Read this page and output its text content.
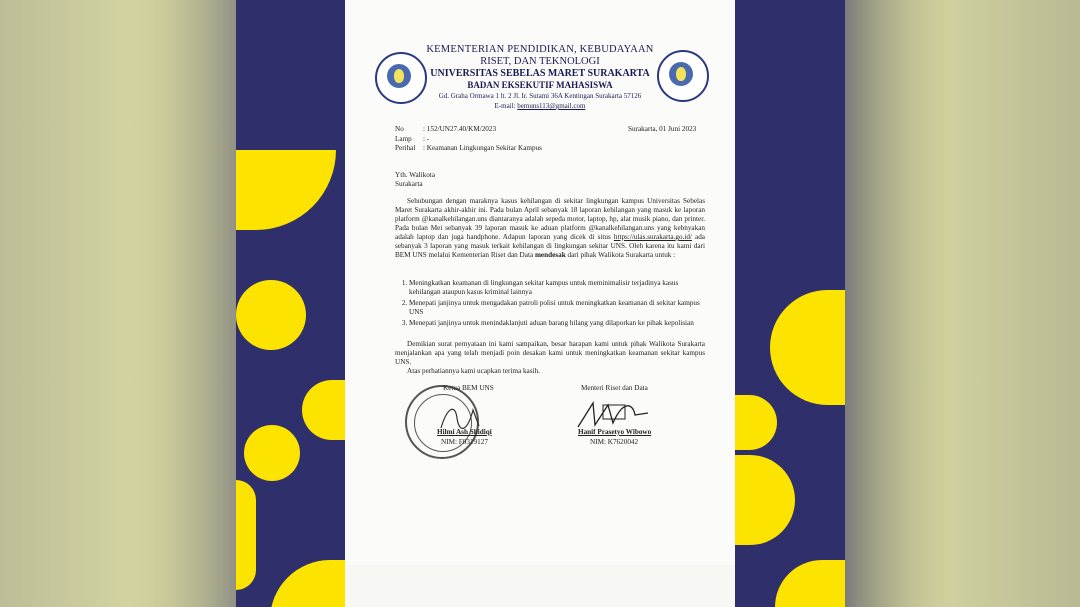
KEMENTERIAN PENDIDIKAN, KEBUDAYAAN
RISET, DAN TEKNOLOGI
UNIVERSITAS SEBELAS MARET SURAKARTA
BADAN EKSEKUTIF MAHASISWA
Gd. Graha Ormawa 1 lt. 2 Jl. Ir. Sutami 36A Kentingan Surakarta 57126
E-mail: bemuns113@gmail.com
No	: 152/UN27.40/KM/2023
Lamp : -
Perihal : Keamanan Lingkungan Sekitar Kampus
Surakarta, 01 Juni 2023
Yth. Walikota
Surakarta
Sehubungan dengan maraknya kasus kehilangan di sekitar lingkungan kampus Universitas Sebelas Maret Surakarta akhir-akhir ini. Pada bulan April sebanyak 18 laporan kehilangan yang masuk ke laporan platform @kanalkehilangan.uns diantaranya adalah sepeda motor, laptop, hp, alat musik piano, dan printer. Pada bulan Mei sebanyak 39 laporan masuk ke aduan platform @kanalkehilangan.uns yang kebnyakan adalah laptop dan juga handphone. Adapun laporan yang dicek di situs https://ulas.surakarta.go.id/ ada sebanyak 3 laporan yang masuk terkait kehilangan di lingkungan sekitar UNS. Oleh karena itu kami dari BEM UNS melalui Kementerian Riset dan Data mendesak dari pihak Walikota Surakarta untuk :
1. Meningkatkan keamanan di lingkungan sekitar kampus untuk meminimalisir terjadinya kasus kehilangan ataupun kasus kriminal lainnya
2. Menepati janjinya untuk mengadakan patroli polisi untuk meningkatkan keamanan di sekitar kampus UNS
3. Menepati janjinya untuk menindaklanjuti aduan barang hilang yang dilaporkan ke pihak kepolisian
Demikian surat pernyataan ini kami sampaikan, besar harapan kami untuk pihak Walikota Surakarta menjalankan apa yang telah menjadi poin desakan kami untuk meningkatkan keamanan sekitar kampus UNS.
Atas perhatiannya kami ucapkan terima kasih.
Ketua BEM UNS
Hilmi Ash Shidiqi
NIM: F0319127
Menteri Riset dan Data
Hanif Prasetyo Wibowo
NIM: K7620042
